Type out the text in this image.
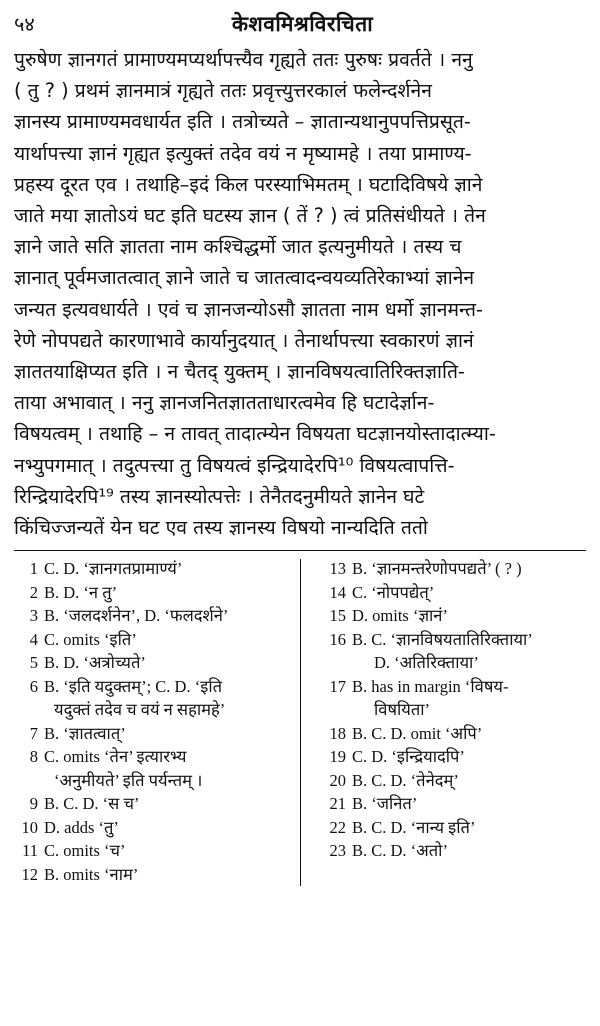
५४	केशवमिश्रविरचिता
पुरुषेण ज्ञानगतं प्रामाण्यमप्यर्थापत्त्यैव गृह्यते ततः पुरुषः प्रवर्तते । ननु
( तु ? ) प्रथमं ज्ञानमात्रं गृह्यते ततः प्रवृत्त्युत्तरकालं फलेन्दर्शनेन
ज्ञानस्य प्रामाण्यमवधार्यत इति । तत्रोच्यते – ज्ञातान्यथानुपपत्तिप्रसूत-
यार्थापत्त्या ज्ञानं गृह्यत इत्युक्तं तदेव वयं न मृष्यामहे । तया प्रामाण्य-
प्रहस्य दूरत एव । तथाहि–इदं किल परस्याभिमतम् । घटादिविषये ज्ञाने
जाते मया ज्ञातोऽयं घट इति घटस्य ज्ञान ( तें ? ) त्वं प्रतिसंधीयते । तेन
ज्ञाने जाते सति ज्ञातता नाम कश्चिद्धर्मो जात इत्यनुमीयते । तस्य च
ज्ञानात् पूर्वमजातत्वात् ज्ञाने जाते च जातत्वादन्वयव्यतिरेकाभ्यां ज्ञानेन
जन्यत इत्यवधार्यते । एवं च ज्ञानजन्योऽसौ ज्ञातता नाम धर्मो ज्ञानमन्त-
रेणे नोपपद्यते कारणाभावे कार्यानुदयात् । तेनार्थापत्त्या स्वकारणं ज्ञानं
ज्ञाततयाक्षिप्यत इति । न चैतद् युक्तम् । ज्ञानविषयत्वातिरिक्तज्ञाति-
ताया अभावात् । ननु ज्ञानजनितज्ञातताधारत्वमेव हि घटादेर्ज्ञान-
विषयत्वम् । तथाहि – न तावत् तादात्म्येन विषयता घटज्ञानयोस्तादात्म्या-
नभ्युपगमात् । तदुत्पत्त्या तु विषयत्वं इन्द्रियादेरपि¹⁰ विषयत्वापत्ति-
रिन्द्रियादेरपि¹⁹ तस्य ज्ञानस्योत्पत्तेः । तेनैतदनुमीयते ज्ञानेन घटे
किंचिज्जन्यतें येन घट एव तस्य ज्ञानस्य विषयो नान्यदिति ततो
1 C. D. ‘ज्ञानगतप्रामाण्यं’
2 B. D. ‘न तु’
3 B. ‘जलदर्शनेन’, D. ‘फलदर्शने’
4 C. omits ‘इति’
5 B. D. ‘अत्रोच्यते’
6 B. ‘इति यदुक्तम्’; C. D. ‘इति
यदुक्तं तदेव च वयं न सहामहे’
7 B. ‘ज्ञातत्वात्’
8 C. omits ‘तेन’ इत्यारभ्य
‘अनुमीयते’ इति पर्यन्तम् ।
9 B. C. D. ‘स च’
10 D. adds ‘तु’
11 C. omits ‘च’
12 B. omits ‘नाम’
13 B. ‘ज्ञानमन्तरेणोपपद्यते’ ( ? )
14 C. ‘नोपपद्येत्’
15 D. omits ‘ज्ञानं’
16 B. C. ‘ज्ञानविषयतातिरिक्ताया’
D. ‘अतिरिक्ताया’
17 B. has in margin ‘विषय-
विषयिता’
18 B. C. D. omit ‘अपि’
19 C. D. ‘इन्द्रियादपि’
20 B. C. D. ‘तेनेदम्’
21 B. ‘जनित’
22 B. C. D. ‘नान्य इति’
23 B. C. D. ‘अतो’
